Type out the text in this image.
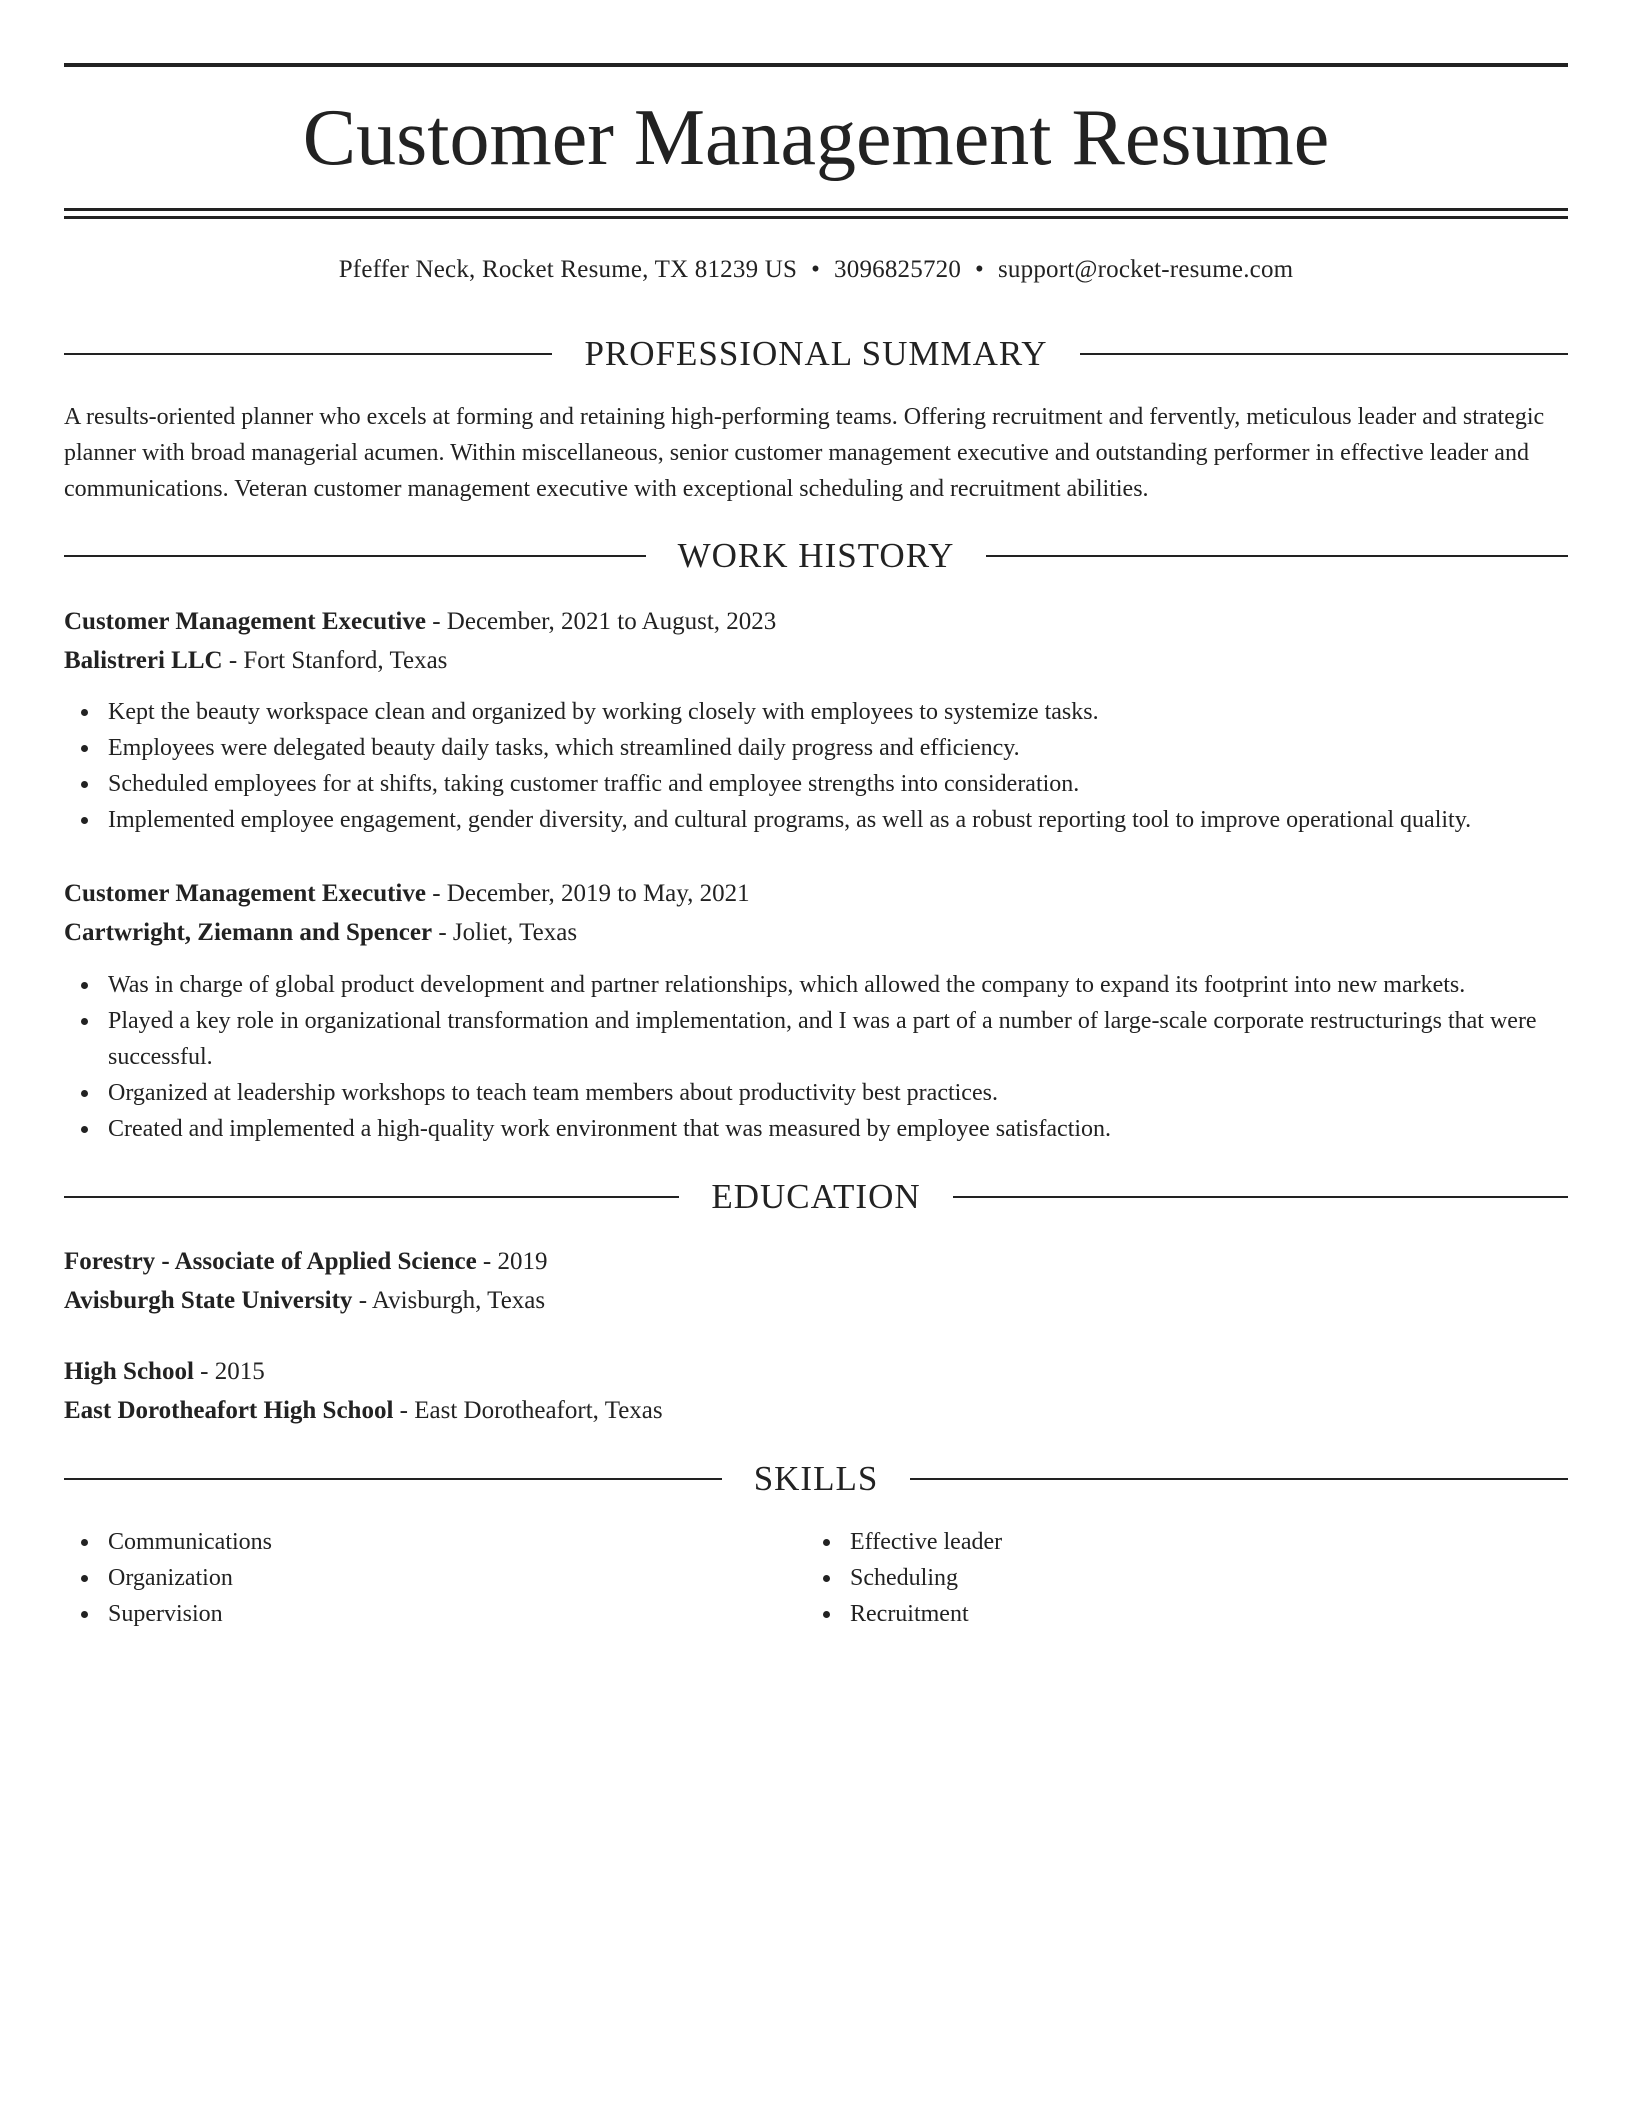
Customer Management Resume

Pfeffer Neck, Rocket Resume, TX 81239 US • 3096825720 • support@rocket-resume.com

PROFESSIONAL SUMMARY

A results-oriented planner who excels at forming and retaining high-performing teams. Offering recruitment and fervently, meticulous leader and strategic planner with broad managerial acumen. Within miscellaneous, senior customer management executive and outstanding performer in effective leader and communications. Veteran customer management executive with exceptional scheduling and recruitment abilities.

WORK HISTORY

Customer Management Executive - December, 2021 to August, 2023

Balistreri LLC - Fort Stanford, Texas

Kept the beauty workspace clean and organized by working closely with employees to systemize tasks.
Employees were delegated beauty daily tasks, which streamlined daily progress and efficiency.
Scheduled employees for at shifts, taking customer traffic and employee strengths into consideration.
Implemented employee engagement, gender diversity, and cultural programs, as well as a robust reporting tool to improve operational quality.

Customer Management Executive - December, 2019 to May, 2021

Cartwright, Ziemann and Spencer - Joliet, Texas

Was in charge of global product development and partner relationships, which allowed the company to expand its footprint into new markets.
Played a key role in organizational transformation and implementation, and I was a part of a number of large-scale corporate restructurings that were successful.
Organized at leadership workshops to teach team members about productivity best practices.
Created and implemented a high-quality work environment that was measured by employee satisfaction.
EDUCATION

Forestry - Associate of Applied Science - 2019

Avisburgh State University - Avisburgh, Texas

High School - 2015

East Dorotheafort High School - East Dorotheafort, Texas

SKILLS
Communications
Organization
Supervision
Effective leader
Scheduling
Recruitment
